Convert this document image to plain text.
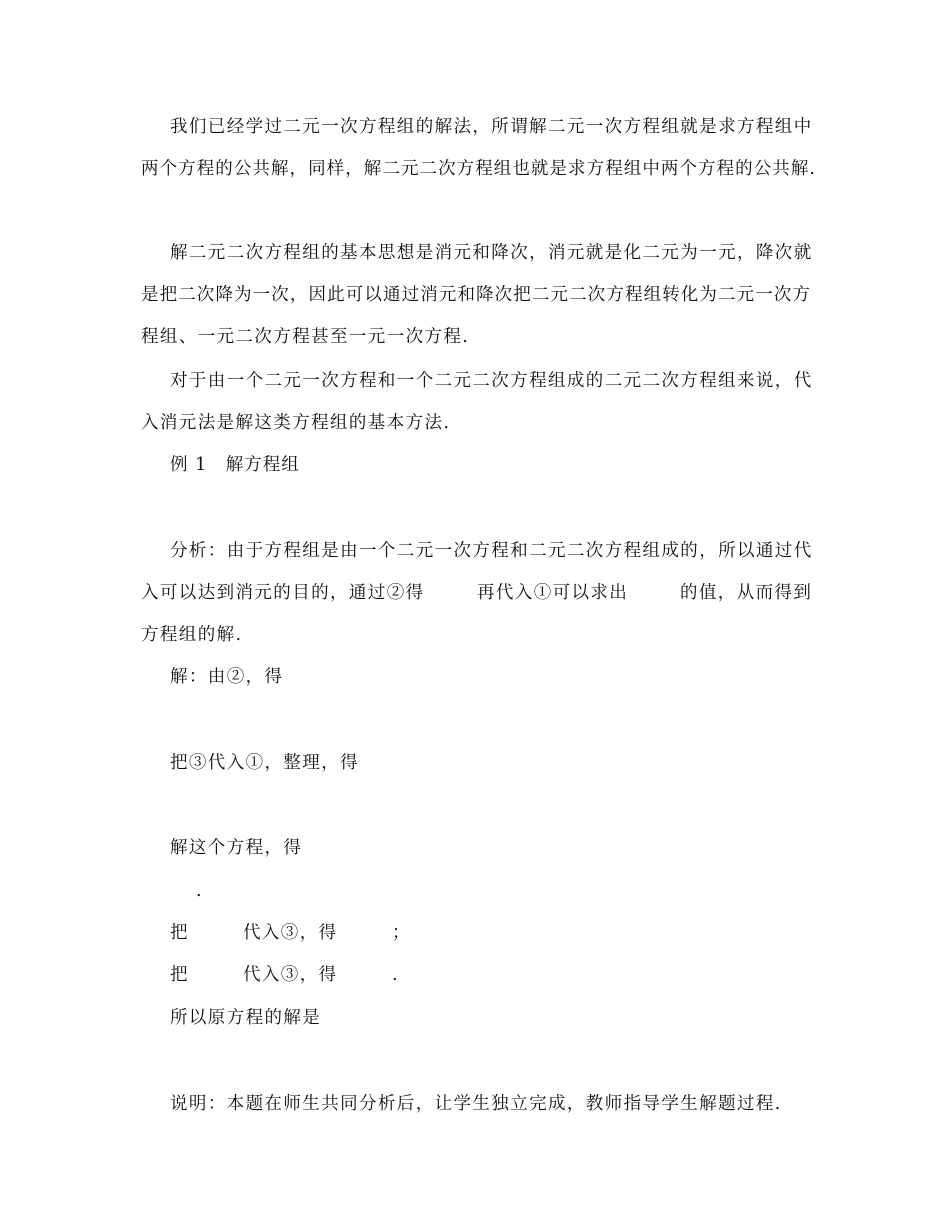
我们已经学过二元一次方程组的解法，所谓解二元一次方程组就是求方程组中
两个方程的公共解，同样，解二元二次方程组也就是求方程组中两个方程的公共解.
解二元二次方程组的基本思想是消元和降次，消元就是化二元为一元，降次就
是把二次降为一次，因此可以通过消元和降次把二元二次方程组转化为二元一次方
程组、一元二次方程甚至一元一次方程.
对于由一个二元一次方程和一个二元二次方程组成的二元二次方程组来说，代
入消元法是解这类方程组的基本方法.
例 1　解方程组
分析：由于方程组是由一个二元一次方程和二元二次方程组成的，所以通过代
入可以达到消元的目的，通过②得	再代入①可以求出	的值，从而得到
方程组的解.
解：由②，得
把③代入①，整理，得
解这个方程，得
.
把	代入③，得	；
把	代入③，得	.
所以原方程的解是
说明：本题在师生共同分析后，让学生独立完成，教师指导学生解题过程.
